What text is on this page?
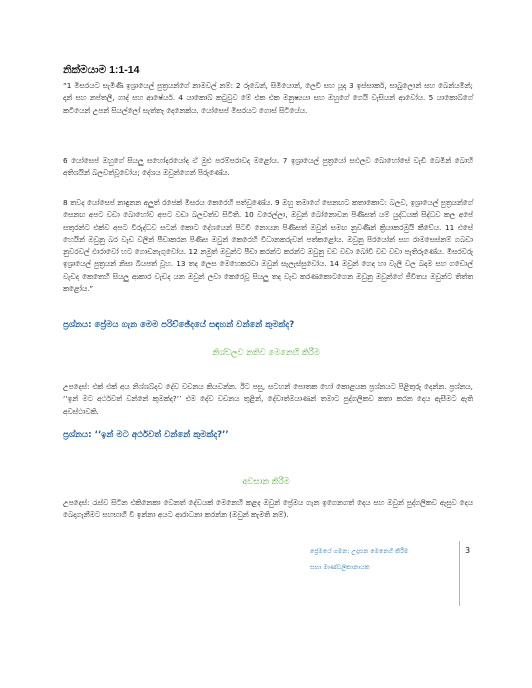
නික්මයාම 1:1-14

“1 මිසරයට සැමිණි ඉශ්‍රායෙල් පුත්‍රයන්ගේ නාමවල් නම්: 2 රූබෙන්, සිමියොන්, ලෙවී සහ යූදා 3 ඉස්සාකර්, සාබුලොන් සහ බෙන්යමින්; දාන් සහ නප්තලී, ගාද් සහ ආෂේර්ය. 4 යාකොබ් කටුවුව මේ එක එක මනුෂ්‍යයා සහ ඔහුගේ ගෙයි වැසියන් ආවෝය. 5 යාකොබ්ගේ කටියෙන් උපන් සියල්ලෝ සැත්තෑ දෙනෙක්ය. යෝසෙප් මිසරයට ගොස් සිටියේය.

6 යෝසෙප් ඔහුගේ සියලු සහෝදරයෝද ඒ මුළු පරම්පරාවද මළෝය. 7 ඉශ්‍රායෙල් පුත්‍රයෝ සඵලව බොහෝසේ වැඩී බෙමින් බොහි අතිශයින් බලවත්වූවෝය; දේශය ඔවුන්ගෙන් පිරුණේය.

8 තවද යෝසෙප් නාඳුනන අලුත් රජෙක් මිසරය කෙරෙහි පත්වුණේය. 9 ඔහු තමාගේ සෙනඟට කතාකොට: බලව, ඉශ්‍රායෙල් පුත්‍රයන්ගේ සෙනඟ අපට වඩා බොහෝව අපට වඩා බලවත්ව සිටිති. 10 වරෙල්ලා, ඔවුන් බෝනොවන පිණිසත් යම් යුද්ධයක් සිද්ධව කල අපේ සතුරන්ට එක්ව අපට විරුද්ධව සටන් කොට දේශයෙන් පිටවී නොයන පිණිසත් ඔවුන් සමඟ නුවණින් ක්‍රියාකරමුයි කීවේය. 11 එසේ හෙයින් ඔවුනු බර වැඩ වලින් පීඩාකරන පිණිස ඔවුන් කෙරෙහි විධානකරුවන් පත්කළෝය. ඔවුනු පිරයෝන් සහ රාමසෙස්නම් ගබඩා නුවරවල් ඵාරාවෝ හට ගොඩනැගුවෝය. 12 නමුත් ඔවුන්ට පීඩා කරන්ට කරන්ට ඔවුනු වඩ වඩා බෝවී වඩ වඩා පැතිරුණේය. මිසරවරු ඉශ්‍රායෙල් පුත්‍රයන් නිසා බියපත් වූහ. 13 තද ලෙස මෙහෙකරවා ඔවුන් සැලැස්සුවෝය. 14 ඔවුන් ගෙද හා වැලි වල බදාම සහ ගඩොල් වැඩද කෙතෙහි සියලු ආකාර වැඩද යන ඔවුන් ලවා කෙරෙවූ සියලු තද වැඩ කරණකොටගෙන ඔවුනු ඔවුන්ගේ ජීවිතය ඔවුන්ට තිත්ත කළෝය.”

ප්‍රශ්නය: ප්‍රේමය ගැන මෙම පරිච්ඡේදයේ සඳහන් වන්නේ කුමක්ද?

නිශ්චලව නතිව මෙනෙහි කිරීම

උපදෙස්: එක් එක් අය නිශ්ශබ්දව දේව වචනය කියවන්න. ඊට පසු, සටහන් පොතක හෝ කොළයක ප්‍රශ්නයට පිළිතුරු දෙන්න. ප්‍රශ්නය, ‘‘ඉන් මට අර්ථවත් වන්නේ කුමක්ද?’’ එම දේව වචනය තුළින්, දේවාත්මයාණන් තමාට පුද්ගලිකව කතා කරන දෙය ඇසීමට ඇති අවස්ථාවකි.

ප්‍රශ්නය: ‘‘ඉන් මට අර්ථවත් වන්නේ කුමක්ද?’’

අවසාන කිරීම

උපදෙස්: රැස්ව සිටින එකිනෙකා වෙනත් දේවයක් මෙනෙහි කළද ඔවුන් ප්‍රේමය ගැන ඉගෙනගත් දෙය සහ ඔවුන් පුද්ගලිකව ඇසුව දෙය බෙදාගැනීමට සහභාගී වී ඉන්නා අයට ආරාධනා කරන්න (ඔවුන් කැමති නම්).

ප්‍රේමයේ ගමන: උදෑසන මෙනෙහි කිරීම
සභා මාණ්ඩලිකානායක

3
